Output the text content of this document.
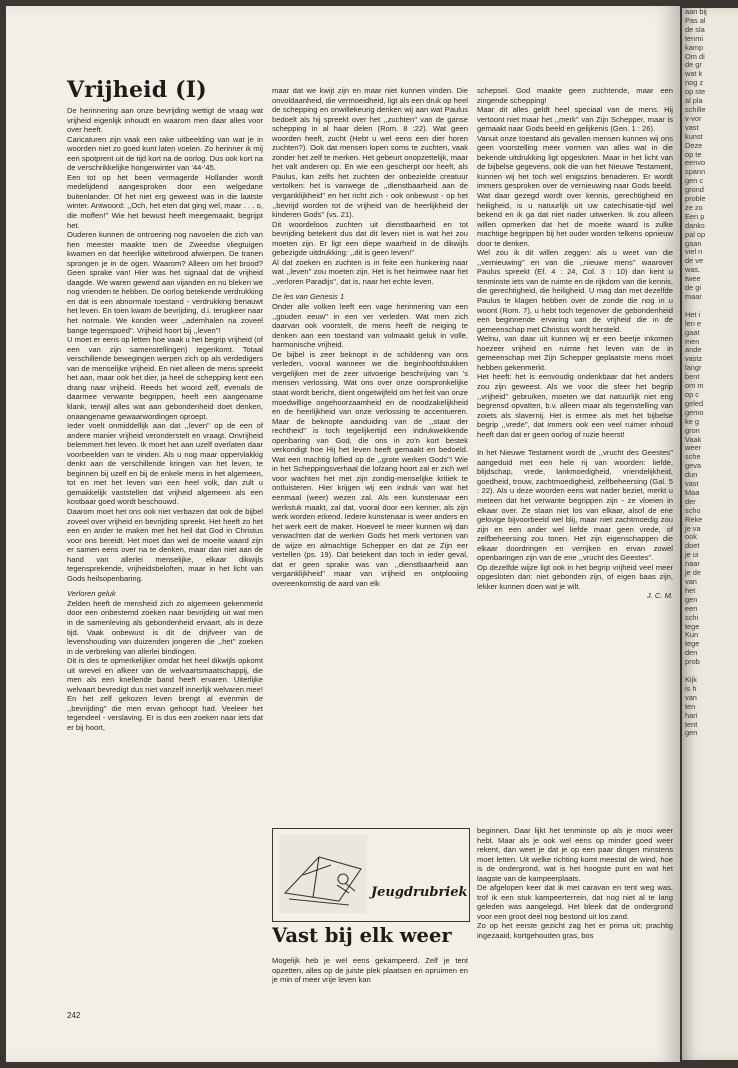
Vrijheid (I)

De herinnering aan onze bevrijding wettigt de vraag wat vrijheid eigenlijk inhoudt en waarom men daar alles voor over heeft.

Caricaturen zijn vaak een rake uitbeelding van wat je in woorden niet zo goed kunt laten voelen. Zo herinner ik mij een spotprent uit de tijd kort na de oorlog. Dus ook kort na de verschrikkelijke hongerwinter van '44-'45.

Een tot op het been vermagerde Hollander wordt medelijdend aangesproken door een welgedane buitenlander. Of het niet erg geweest was in die laatste winter. Antwoord: ,,Och, het eten dat ging wel, maar . . . o, die moffen!'' Wie het bewust heeft meegemaakt, begrijpt het.

Ouderen kunnen de ontroering nog navoelen die zich van hen meester maakte toen de Zweedse vliegtuigen kwamen en dat heerlijke wittebrood afwierpen. De tranen sprongen je in de ogen. Waarom? Alleen om het brood? Geen sprake van! Hier was het signaal dat de vrijheid daagde. We waren gewend aan vijanden en nu bleken we nog vrienden te hebben. De oorlog betekende verdrukking en dat is een abnormale toestand - verdrukking benauwt het leven. En toen kwam de bevrijding, d.i. terugkeer naar het normale. We konden weer ,,ademhalen na zoveel bange tegenspoed''. Vrijheid hoort bij ,,leven''!

U moet er eens op letten hoe vaak u het begrip vrijheid (of een van zijn samenstellingen) tegenkomt. Totaal verschillende bewegingen werpen zich op als verdedigers van de menselijke vrijheid. En niet alleen de mens spreekt het aan, maar ook het dier, ja heel de schepping kent een drang naar vrijheid. Reeds het woord zelf, evenals de daarmee verwante begrippen, heeft een aangename klank, terwijl alles wat aan gebondenheid doet denken, onaangename gewaarwordingen oproept.

Ieder voelt onmiddellijk aan dat ,,leven'' op de een of andere manier vrijheid veronderstelt en vraagt. Onvrijheid belemmert het leven. Ik moet het aan uzelf overlaten daar voorbeelden van te vinden. Als u nog maar oppervlakkig denkt aan de verschillende kringen van het leven, te beginnen bij uzelf en bij de enkele mens in het algemeen, tot en met het leven van een heel volk, dan zult u gemakkelijk vaststellen dat vrijheid algemeen als een kostbaar goed wordt beschouwd.

Daarom moet het ons ook niet verbazen dat ook de bijbel zoveel over vrijheid en bevrijding spreekt. Het heeft zo het een en ander te maken met het heil dat God in Christus voor ons bereidt. Het moet dan wel de moeite waard zijn er samen eens over na te denken, maar dan niet aan de hand van allerlei menselijke, elkaar dikwijls tegensprekende, vrijheidsbeloften, maar in het licht van Gods heilsopenbaring.

Verloren geluk

Zelden heeft de mensheid zich zo algemeen gekenmerkt door een onbestemd zoeken naar bevrijding uit wat men in de samenleving als gebondenheid ervaart, als in deze tijd. Vaak onbewust is dit de drijfveer van de levenshouding van duizenden jongeren die ,,het'' zoeken in de verbreking van allerlei bindingen.

Dit is des te opmerkelijker omdat het heel dikwijls opkomt uit wrevel en afkeer van de welvaartsmaatschappij, die men als een knellende band heeft ervaren. Uiterlijke welvaart bevredigt dus niet vanzelf innerlijk welvaren mee! En het zelf gekozen leven brengt al evenmin de ,,bevrijding'' die men ervan gehoopt had. Veeleer het tegendeel - verslaving. Er is dus een zoeken naar iets dat er bij hoort,

maar dat we kwijt zijn en maar niet kunnen vinden. Die onvoldaanheid, die vermoeidheid, ligt als een druk op heel de schepping en onwillekeurig denken wij aan wat Paulus bedoelt als hij spreekt over het ,,zuchten'' van de ganse schepping in al haar delen (Rom. 8 :22). Wat geen woorden heeft, zucht (Hebt u wel eens een dier horen zuchten?). Ook dat mensen lopen soms te zuchten, vaak zonder het zelf te merken. Het gebeurt onopzettelijk, maar het valt anderen op. En wie een gescherpt oor heeft, als Paulus, kan zelfs het zuchten der onbezielde creatuur vertolken: het is vanwege de ,,dienstbaarheid aan de verganklijkheid'' en het richt zich - ook onbewust - op het ,,bevrijd worden tot de vrijheid van de heerlijkheid der kinderen Gods'' (vs. 21).

Dit woordeloos zuchten uit dienstbaarheid en tot bevrijding betekent dus dat dit leven niet is wat het zou moeten zijn. Er ligt een diepe waarheid in de dikwijls gebezigde uitdrukking: ,,dit is geen leven!''

Al dat zoeken en zuchten is in feite een hunkering naar wat ,,leven'' zou moeten zijn. Het is het heimwee naar het ,,verloren Paradijs'', dat is, naar het echte leven.

De les van Genesis 1

Onder alle volken leeft een vage herinnering van een ,,gouden eeuw'' in een ver verleden. Wat men zich daarvan ook voorstelt, de mens heeft de neiging te denken aan een toestand van volmaakt geluk in volle, harmonische vrijheid.

De bijbel is zeer beknopt in de schildering van ons verleden, vooral wanneer we die beginhoofdstukken vergelijken met de zeer uitvoerige beschrijving van 's mensen verlossing. Wat ons over onze oorspronkelijke staat wordt bericht, dient ongetwijfeld om het feit van onze moedwillige ongehoorzaamheid en de noodzakelijkheid en de heerlijkheid van onze verlossing te accentueren. Maar de beknopte aanduiding van de ,,staat der rechtheid'' is toch tegelijkertijd een indrukwekkende openbaring van God, die ons in zo'n kort bestek verkondigt hoe Hij het leven heeft gemaakt en bedoeld. Wat een machtig loflied op de ,,grote werken Gods''! Wie in het Scheppingsverhaal die lofzang hoort zal er zich wel voor wachten het met zijn zondig-menselijke kritiek te ontluisteren. Hier krijgen wij een indruk van wat het eenmaal (weer) wezen zal. Als een kunstenaar een werkstuk maakt, zal dat, vooral door een kenner, als zijn werk worden erkend. Iedere kunstenaar is weer anders en het werk eert de maker. Hoeveel te meer kunnen wij dan verwachten dat de werken Gods het merk vertonen van de wijze en almachtige Schepper en dat ze Zijn eer vertellen (ps. 19). Dat betekent dan toch in ieder geval, dat er geen sprake was van ,,dienstbaarheid aan verganklijkheid'' maar van vrijheid en ontplooiing overeenkomstig de aard van elk

schepsel. God maakte geen zuchtende, maar een zingende schepping!

Maar dit alles geldt heel speciaal van de mens. Hij vertoont niet maar het ,,merk'' van Zijn Schepper, maar is gemaakt naar Gods beeld en gelijkenis (Gen. 1 : 26).

Vanuit onze toestand als gevallen mensen kunnen wij ons geen voorstelling meer vormen van alles wat in die bekende uitdrukking ligt opgesloten. Maar in het licht van de bijbelse gegevens, ook die van het Nieuwe Testament, kunnen wij het toch wel enigszins benaderen. Er wordt immers gesproken over de vernieuwing naar Gods beeld. Wat daar gezegd wordt over kennis, gerechtigheid en heiligheid, is u natuurlijk uit uw catechisatie-tijd wel bekend en ik ga dat niet nader uitwerken. Ik zou alleen willen opmerken dat het de moeite waard is zulke machtige begrippen bij het ouder worden telkens opnieuw door te denken.

Wel zou ik dit willen zeggen: als u weet van die ,,vernieuwing'' en van die ,,nieuwe mens'' waarover Paulus spreekt (Ef. 4 : 24, Col. 3 : 10) dan kent u tenminste iets van de ruimte en de rijkdom van die kennis, die gerechtigheid, die heiligheid. U mag dan met dezelfde Paulus te klagen hebben over de zonde die nog in u woont (Rom. 7), u hebt toch tegenover die gebondenheid een beginnende ervaring van de vrijheid die in de gemeenschap met Christus wordt hersteld.

Welnu, van daar uit kunnen wij er een beetje inkomen hoezeer vrijheid en ruimte het leven van de in gemeenschap met Zijn Schepper geplaatste mens moet hebben gekenmerkt.

Het heeft: het is eenvoudig ondenkbaar dat het anders zou zijn geweest. Als we voor die sfeer het begrip ,,vrijheid'' gebruiken, moeten we dat natuurlijk niet eng begrensd opvatten, b.v. alleen maar als tegenstelling van zoiets als slavernij. Het is ermee als met het bijbelse begrip ,,vrede'', dat immers ook een veel ruimer inhoud heeft dan dat er geen oorlog of ruzie heerst!

In het Nieuwe Testament wordt de ,,vrucht des Geestes'' aangeduid met een hele rij van woorden: liefde, blijdschap, vrede, lankmoedigheid, vriendelijkheid, goedheid, trouw, zachtmoedigheid, zelfbeheersing (Gal. 5 : 22). Als u deze woorden eens wat nader beziet, merkt u meteen dat het verwante begrippen zijn - ze vloeien in elkaar over. Ze staan niet los van elkaar, alsof de ene gelovige bijvoorbeeld wel blij, maar niet zachtmoedig zou zijn en een ander wel liefde maar geen vrede, of zelfbeheersing zou tonen. Het zijn eigenschappen die elkaar doordringen en verrijken en ervan zowel openbaringen zijn van de ene ,,vrucht des Geestes''.

Op dezelfde wijze ligt ook in het begrip vrijheid veel meer opgesloten dan: niet gebonden zijn, of eigen baas zijn, lekker kunnen doen wat je wilt.

J. C. M.

Jeugdrubriek

Vast bij elk weer

Mogelijk heb je wel eens gekampeerd. Zelf je tent opzetten, alles op de juiste plek plaatsen en opruimen en je min of meer vrije leven kan

beginnen. Daar lijkt het tenminste op als je mooi weer hebt. Maar als je ook wel eens op minder goed weer rekent, dan weet je dat je op een paar dingen minstens moet letten. Uit welke richting komt meestal de wind, hoe is de ondergrond, wat is het hoogste punt en wat het laagste van de kampeerplaats.

De afgelopen keer dat ik met caravan en tent weg was, trof ik een stuk kampeerterrein, dat nog niet al te lang geleden was aangelegd. Het bleek dat de ondergrond voor een groot deel nog bestond uit los zand.

Zo op het eerste gezicht zag het er prima uit; prachtig ingezaaid, kortgehouden gras, bos

242
aan bij
Pas al
de sla
tenmi
kamp
Om di
de gr
wat k
nog z
op ste
al pla
schille
v-vor
vast
kunst
Deze
op te
eenvo
spann
gen c
grond
proble
ze zo
Een p
danks
pal op
gaan
viel n
de ve
was.
twee
de gi
maar

Het i
len e
gaat
men
ande
vastz
langr
bent
om m
op c
geled
gemo
ke g
gron
Vaak
weer
sche
geva
dun
vast
Maa
der
scho
Reke
je va
ook
doet
je ui
naar
je de
van
het
gen
een
schi
tege
Kun
tege
den
prob

Kijk
is h
van
ten
hari
tent
gen
